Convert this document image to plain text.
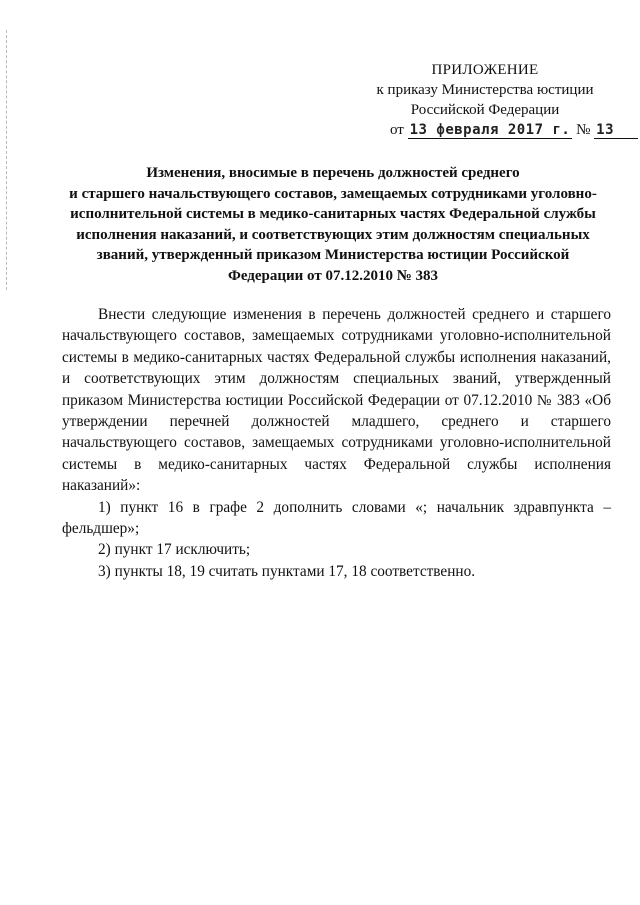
ПРИЛОЖЕНИЕ
к приказу Министерства юстиции
Российской Федерации
от 13 февраля 2017 г. № 13
Изменения, вносимые в перечень должностей среднего
и старшего начальствующего составов, замещаемых сотрудниками уголовно-
исполнительной системы в медико-санитарных частях Федеральной службы
исполнения наказаний, и соответствующих этим должностям специальных
званий, утвержденный приказом Министерства юстиции Российской
Федерации от 07.12.2010 № 383

Внести следующие изменения в перечень должностей среднего и старшего начальствующего составов, замещаемых сотрудниками уголовно-исполнительной системы в медико-санитарных частях Федеральной службы исполнения наказаний, и соответствующих этим должностям специальных званий, утвержденный приказом Министерства юстиции Российской Федерации от 07.12.2010 № 383 «Об утверждении перечней должностей младшего, среднего и старшего начальствующего составов, замещаемых сотрудниками уголовно-исполнительной системы в медико-санитарных частях Федеральной службы исполнения наказаний»:

1) пункт 16 в графе 2 дополнить словами «; начальник здравпункта – фельдшер»;

2) пункт 17 исключить;

3) пункты 18, 19 считать пунктами 17, 18 соответственно.
